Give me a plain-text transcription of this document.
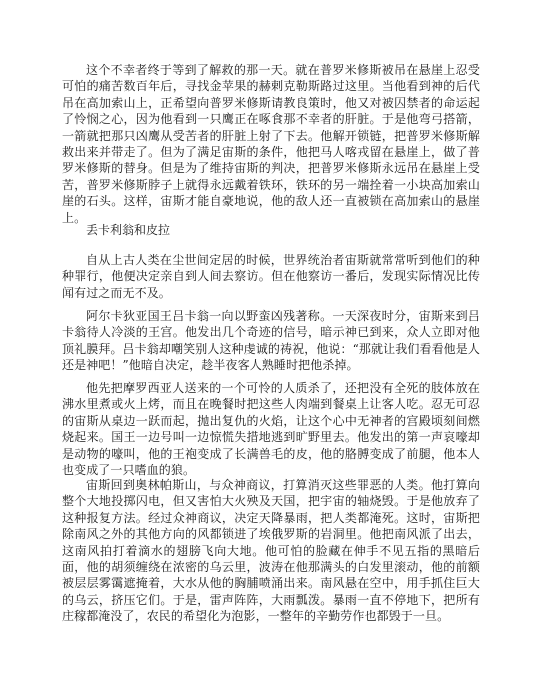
这个不幸者终于等到了解救的那一天。就在普罗米修斯被吊在悬崖上忍受可怕的痛苦数百年后，寻找金苹果的赫剌克勒斯路过这里。当他看到神的后代吊在高加索山上，正希望向普罗米修斯请教良策时，他又对被囚禁者的命运起了怜悯之心，因为他看到一只鹰正在啄食那不幸者的肝脏。于是他弯弓搭箭，一箭就把那只凶鹰从受苦者的肝脏上射了下去。他解开锁链，把普罗米修斯解救出来并带走了。但为了满足宙斯的条件，他把马人喀戎留在悬崖上，做了普罗米修斯的替身。但是为了维持宙斯的判决，把普罗米修斯永远吊在悬崖上受苦，普罗米修斯脖子上就得永远戴着铁环，铁环的另一端拴着一小块高加索山崖的石头。这样，宙斯才能自豪地说，他的敌人还一直被锁在高加索山的悬崖上。

丢卡利翁和皮拉

自从上古人类在尘世间定居的时候，世界统治者宙斯就常常听到他们的种种罪行，他便决定亲自到人间去察访。但在他察访一番后，发现实际情况比传闻有过之而无不及。

阿尔卡狄亚国王吕卡翁一向以野蛮凶残著称。一天深夜时分，宙斯来到吕卡翁待人冷淡的王宫。他发出几个奇迹的信号，暗示神已到来，众人立即对他顶礼膜拜。吕卡翁却嘲笑别人这种虔诚的祷祝，他说：“那就让我们看看他是人还是神吧！”他暗自决定，趁半夜客人熟睡时把他杀掉。

他先把摩罗西亚人送来的一个可怜的人质杀了，还把没有全死的肢体放在沸水里煮或火上烤，而且在晚餐时把这些人肉端到餐桌上让客人吃。忍无可忍的宙斯从桌边一跃而起，抛出复仇的火焰，让这个心中无神者的宫殿顷刻间燃烧起来。国王一边号叫一边惊慌失措地逃到旷野里去。他发出的第一声哀嚎却是动物的嚎叫，他的王袍变成了长满兽毛的皮，他的胳膊变成了前腿，他本人也变成了一只嗜血的狼。

宙斯回到奥林帕斯山，与众神商议，打算消灭这些罪恶的人类。他打算向整个大地投掷闪电，但又害怕大火殃及天国，把宇宙的轴烧毁。于是他放弃了这种报复方法。经过众神商议，决定天降暴雨，把人类都淹死。这时，宙斯把除南风之外的其他方向的风都锁进了埃俄罗斯的岩洞里。他把南风派了出去，这南风拍打着滴水的翅膀飞向大地。他可怕的脸藏在伸手不见五指的黑暗后面，他的胡须缠绕在浓密的乌云里，波涛在他那满头的白发里滚动，他的前额被层层雾霭遮掩着，大水从他的胸脯喷涌出来。南风悬在空中，用手抓住巨大的乌云，挤压它们。于是，雷声阵阵，大雨瓢泼。暴雨一直不停地下，把所有庄稼都淹没了，农民的希望化为泡影，一整年的辛勤劳作也都毁于一旦。
